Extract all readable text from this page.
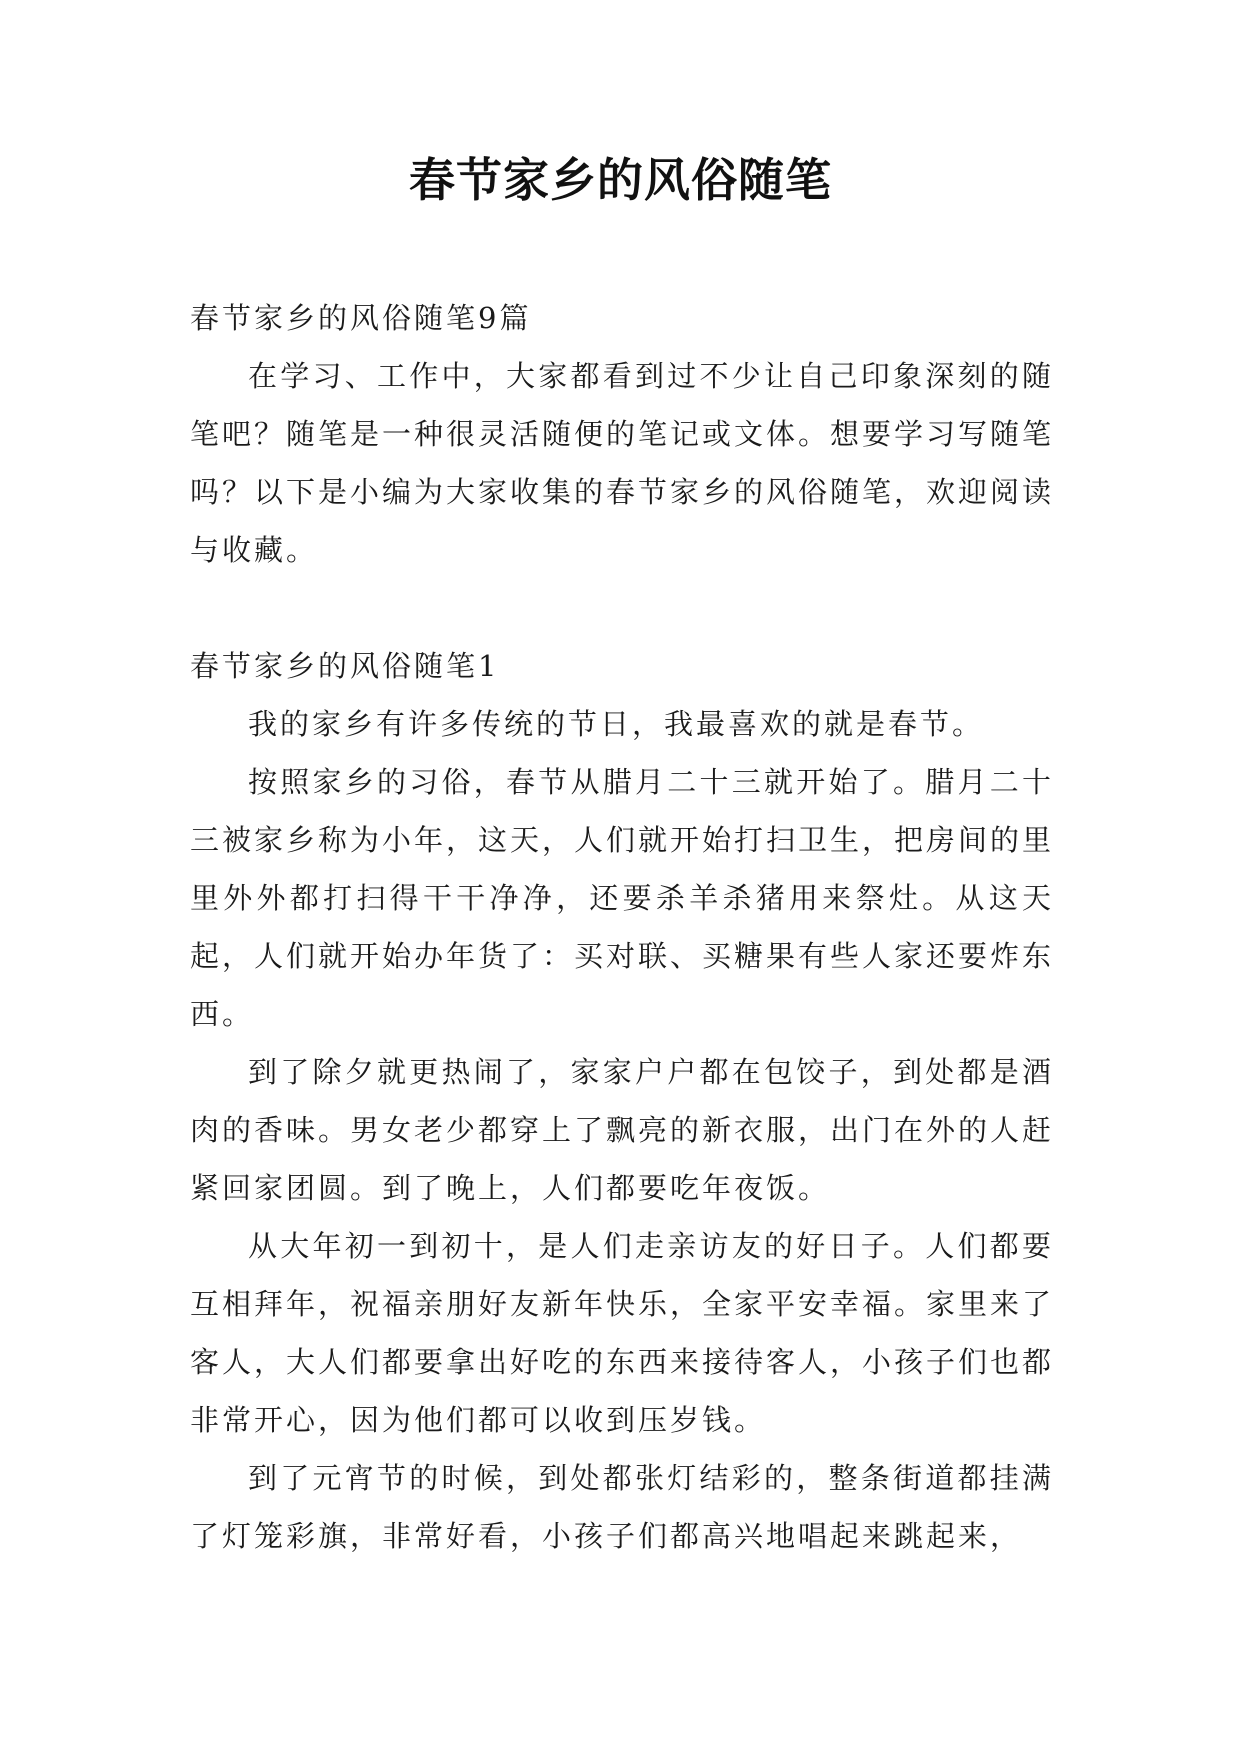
春节家乡的风俗随笔

春节家乡的风俗随笔9篇

在学习、工作中，大家都看到过不少让自己印象深刻的随笔吧？随笔是一种很灵活随便的笔记或文体。想要学习写随笔吗？以下是小编为大家收集的春节家乡的风俗随笔，欢迎阅读与收藏。

春节家乡的风俗随笔1

我的家乡有许多传统的节日，我最喜欢的就是春节。

按照家乡的习俗，春节从腊月二十三就开始了。腊月二十三被家乡称为小年，这天，人们就开始打扫卫生，把房间的里里外外都打扫得干干净净，还要杀羊杀猪用来祭灶。从这天起，人们就开始办年货了：买对联、买糖果有些人家还要炸东西。

到了除夕就更热闹了，家家户户都在包饺子，到处都是酒肉的香味。男女老少都穿上了飘亮的新衣服，出门在外的人赶紧回家团圆。到了晚上，人们都要吃年夜饭。

从大年初一到初十，是人们走亲访友的好日子。人们都要互相拜年，祝福亲朋好友新年快乐，全家平安幸福。家里来了客人，大人们都要拿出好吃的东西来接待客人，小孩子们也都非常开心，因为他们都可以收到压岁钱。

到了元宵节的时候，到处都张灯结彩的，整条街道都挂满了灯笼彩旗，非常好看，小孩子们都高兴地唱起来跳起来，
